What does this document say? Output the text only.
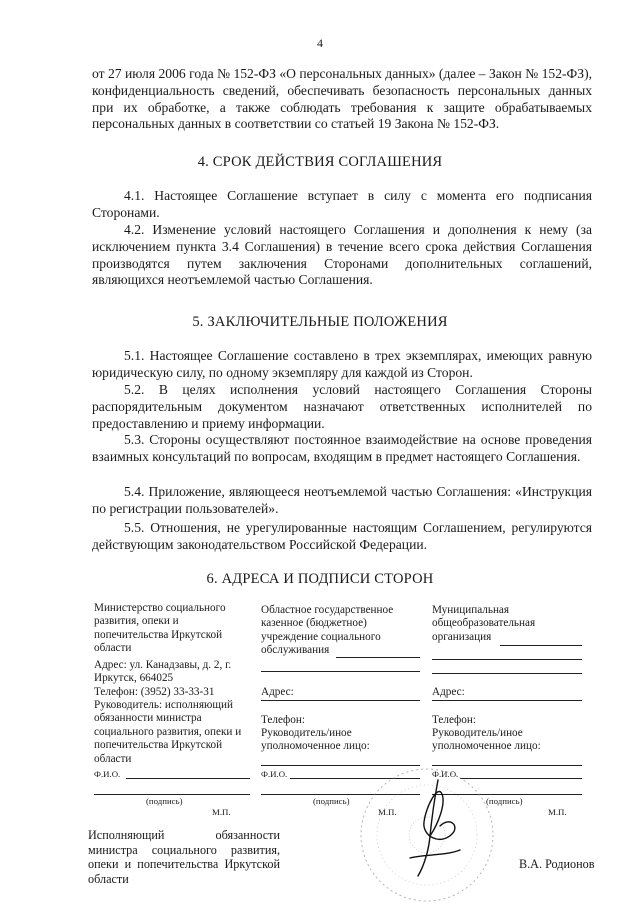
4
от 27 июля 2006 года № 152-ФЗ «О персональных данных» (далее – Закон № 152-ФЗ), конфиденциальность сведений, обеспечивать безопасность персональных данных при их обработке, а также соблюдать требования к защите обрабатываемых персональных данных в соответствии со статьей 19 Закона № 152-ФЗ.
4. СРОК ДЕЙСТВИЯ СОГЛАШЕНИЯ
4.1. Настоящее Соглашение вступает в силу с момента его подписания Сторонами.
4.2. Изменение условий настоящего Соглашения и дополнения к нему (за исключением пункта 3.4 Соглашения) в течение всего срока действия Соглашения производятся путем заключения Сторонами дополнительных соглашений, являющихся неотъемлемой частью Соглашения.
5. ЗАКЛЮЧИТЕЛЬНЫЕ ПОЛОЖЕНИЯ
5.1. Настоящее Соглашение составлено в трех экземплярах, имеющих равную юридическую силу, по одному экземпляру для каждой из Сторон.
5.2. В целях исполнения условий настоящего Соглашения Стороны распорядительным документом назначают ответственных исполнителей по предоставлению и приему информации.
5.3. Стороны осуществляют постоянное взаимодействие на основе проведения взаимных консультаций по вопросам, входящим в предмет настоящего Соглашения.
5.4. Приложение, являющееся неотъемлемой частью Соглашения: «Инструкция по регистрации пользователей».
5.5. Отношения, не урегулированные настоящим Соглашением, регулируются действующим законодательством Российской Федерации.
6. АДРЕСА И ПОДПИСИ СТОРОН
Министерство социального развития, опеки и попечительства Иркутской области
Адрес: ул. Канадзавы, д. 2, г. Иркутск, 664025
Телефон: (3952) 33-33-31
Руководитель: исполняющий обязанности министра социального развития, опеки и попечительства Иркутской области
Ф.И.О.
(подпись)
М.П.
Областное государственное казенное (бюджетное) учреждение социального обслуживания
Адрес:
Телефон:
Руководитель/иное уполномоченное лицо:
Ф.И.О.
(подпись)
М.П.
Муниципальная общеобразовательная организация
Адрес:
Телефон:
Руководитель/иное уполномоченное лицо:
Ф.И.О.
(подпись)
М.П.
Исполняющий обязанности министра социального развития, опеки и попечительства Иркутской области
В.А. Родионов
